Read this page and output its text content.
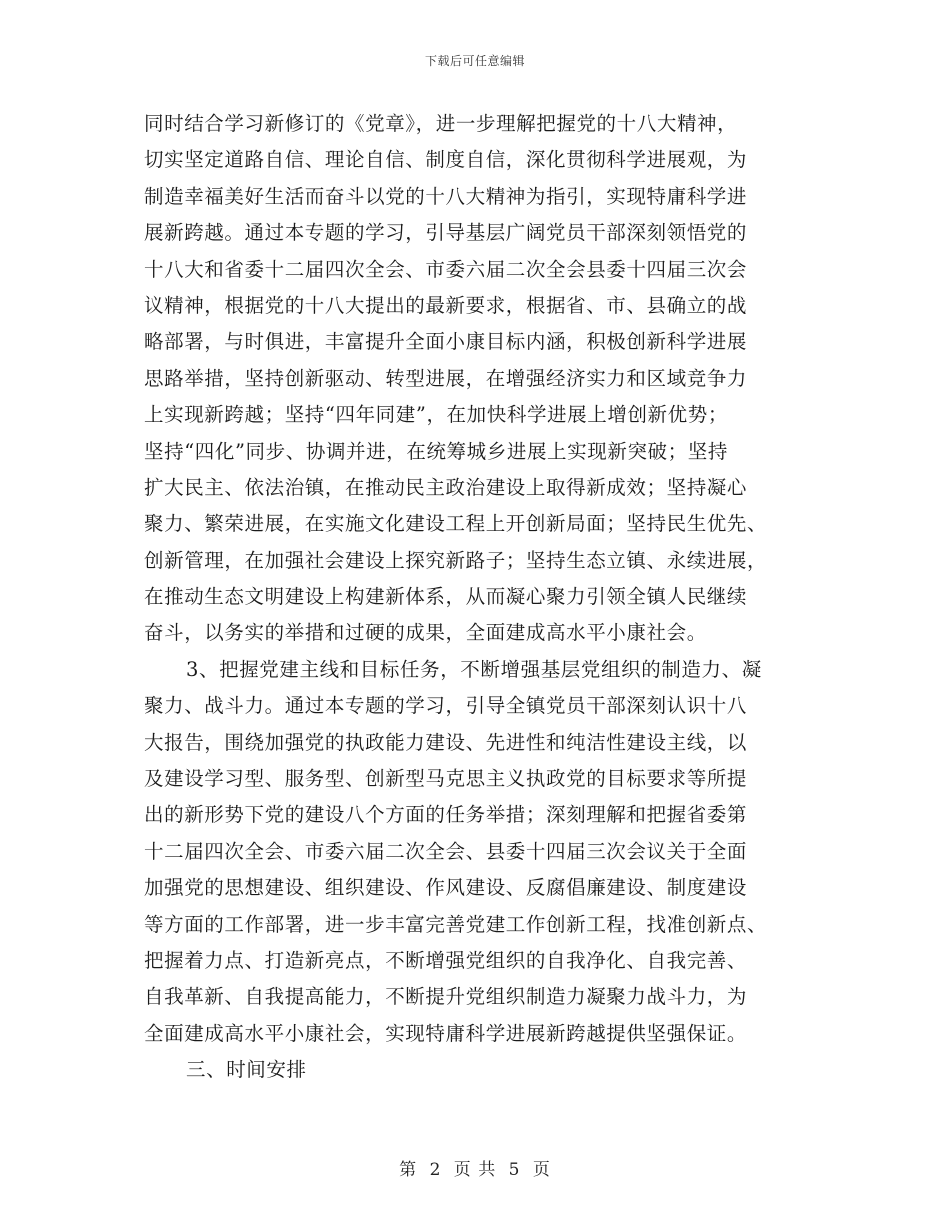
下载后可任意编辑
同时结合学习新修订的《党章》，进一步理解把握党的十八大精神，
切实坚定道路自信、理论自信、制度自信，深化贯彻科学进展观，为
制造幸福美好生活而奋斗以党的十八大精神为指引，实现特庸科学进
展新跨越。通过本专题的学习，引导基层广阔党员干部深刻领悟党的
十八大和省委十二届四次全会、市委六届二次全会县委十四届三次会
议精神，根据党的十八大提出的最新要求，根据省、市、县确立的战
略部署，与时俱进，丰富提升全面小康目标内涵，积极创新科学进展
思路举措，坚持创新驱动、转型进展，在增强经济实力和区域竞争力
上实现新跨越；坚持“四年同建”，在加快科学进展上增创新优势；
坚持“四化”同步、协调并进，在统筹城乡进展上实现新突破；坚持
扩大民主、依法治镇，在推动民主政治建设上取得新成效；坚持凝心
聚力、繁荣进展，在实施文化建设工程上开创新局面；坚持民生优先、
创新管理，在加强社会建设上探究新路子；坚持生态立镇、永续进展，
在推动生态文明建设上构建新体系，从而凝心聚力引领全镇人民继续
奋斗，以务实的举措和过硬的成果，全面建成高水平小康社会。
3、把握党建主线和目标任务，不断增强基层党组织的制造力、凝
聚力、战斗力。通过本专题的学习，引导全镇党员干部深刻认识十八
大报告，围绕加强党的执政能力建设、先进性和纯洁性建设主线，以
及建设学习型、服务型、创新型马克思主义执政党的目标要求等所提
出的新形势下党的建设八个方面的任务举措；深刻理解和把握省委第
十二届四次全会、市委六届二次全会、县委十四届三次会议关于全面
加强党的思想建设、组织建设、作风建设、反腐倡廉建设、制度建设
等方面的工作部署，进一步丰富完善党建工作创新工程，找准创新点、
把握着力点、打造新亮点，不断增强党组织的自我净化、自我完善、
自我革新、自我提高能力，不断提升党组织制造力凝聚力战斗力，为
全面建成高水平小康社会，实现特庸科学进展新跨越提供坚强保证。
三、时间安排
第 2 页 共 5 页
